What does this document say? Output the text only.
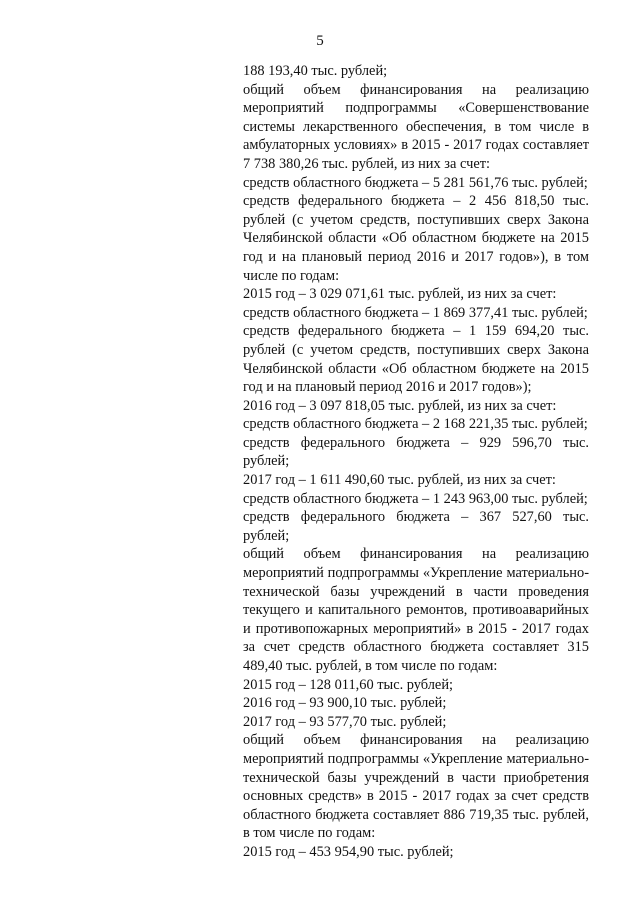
5

188 193,40 тыс. рублей;

общий объем финансирования на реализацию мероприятий подпрограммы «Совершенствование системы лекарственного обеспечения, в том числе в амбулаторных условиях» в 2015 - 2017 годах составляет 7 738 380,26 тыс. рублей, из них за счет:

средств областного бюджета – 5 281 561,76 тыс. рублей;

средств федерального бюджета – 2 456 818,50 тыс. рублей (с учетом средств, поступивших сверх Закона Челябинской области «Об областном бюджете на 2015 год и на плановый период 2016 и 2017 годов»), в том числе по годам:

2015 год – 3 029 071,61 тыс. рублей, из них за счет:

средств областного бюджета – 1 869 377,41 тыс. рублей;

средств федерального бюджета – 1 159 694,20 тыс. рублей (с учетом средств, поступивших сверх Закона Челябинской области «Об областном бюджете на 2015 год и на плановый период 2016 и 2017 годов»);

2016 год – 3 097 818,05 тыс. рублей, из них за счет:

средств областного бюджета – 2 168 221,35 тыс. рублей;

средств федерального бюджета – 929 596,70 тыс. рублей;

2017 год – 1 611 490,60 тыс. рублей, из них за счет:

средств областного бюджета – 1 243 963,00 тыс. рублей;

средств федерального бюджета – 367 527,60 тыс. рублей;

общий объем финансирования на реализацию мероприятий подпрограммы «Укрепление материально-технической базы учреждений в части проведения текущего и капитального ремонтов, противоаварийных и противопожарных мероприятий» в 2015 - 2017 годах за счет средств областного бюджета составляет 315 489,40 тыс. рублей, в том числе по годам:

2015 год – 128 011,60 тыс. рублей;

2016 год – 93 900,10 тыс. рублей;

2017 год – 93 577,70 тыс. рублей;

общий объем финансирования на реализацию мероприятий подпрограммы «Укрепление материально-технической базы учреждений в части приобретения основных средств» в 2015 - 2017 годах за счет средств областного бюджета составляет 886 719,35 тыс. рублей, в том числе по годам:

2015 год – 453 954,90 тыс. рублей;
